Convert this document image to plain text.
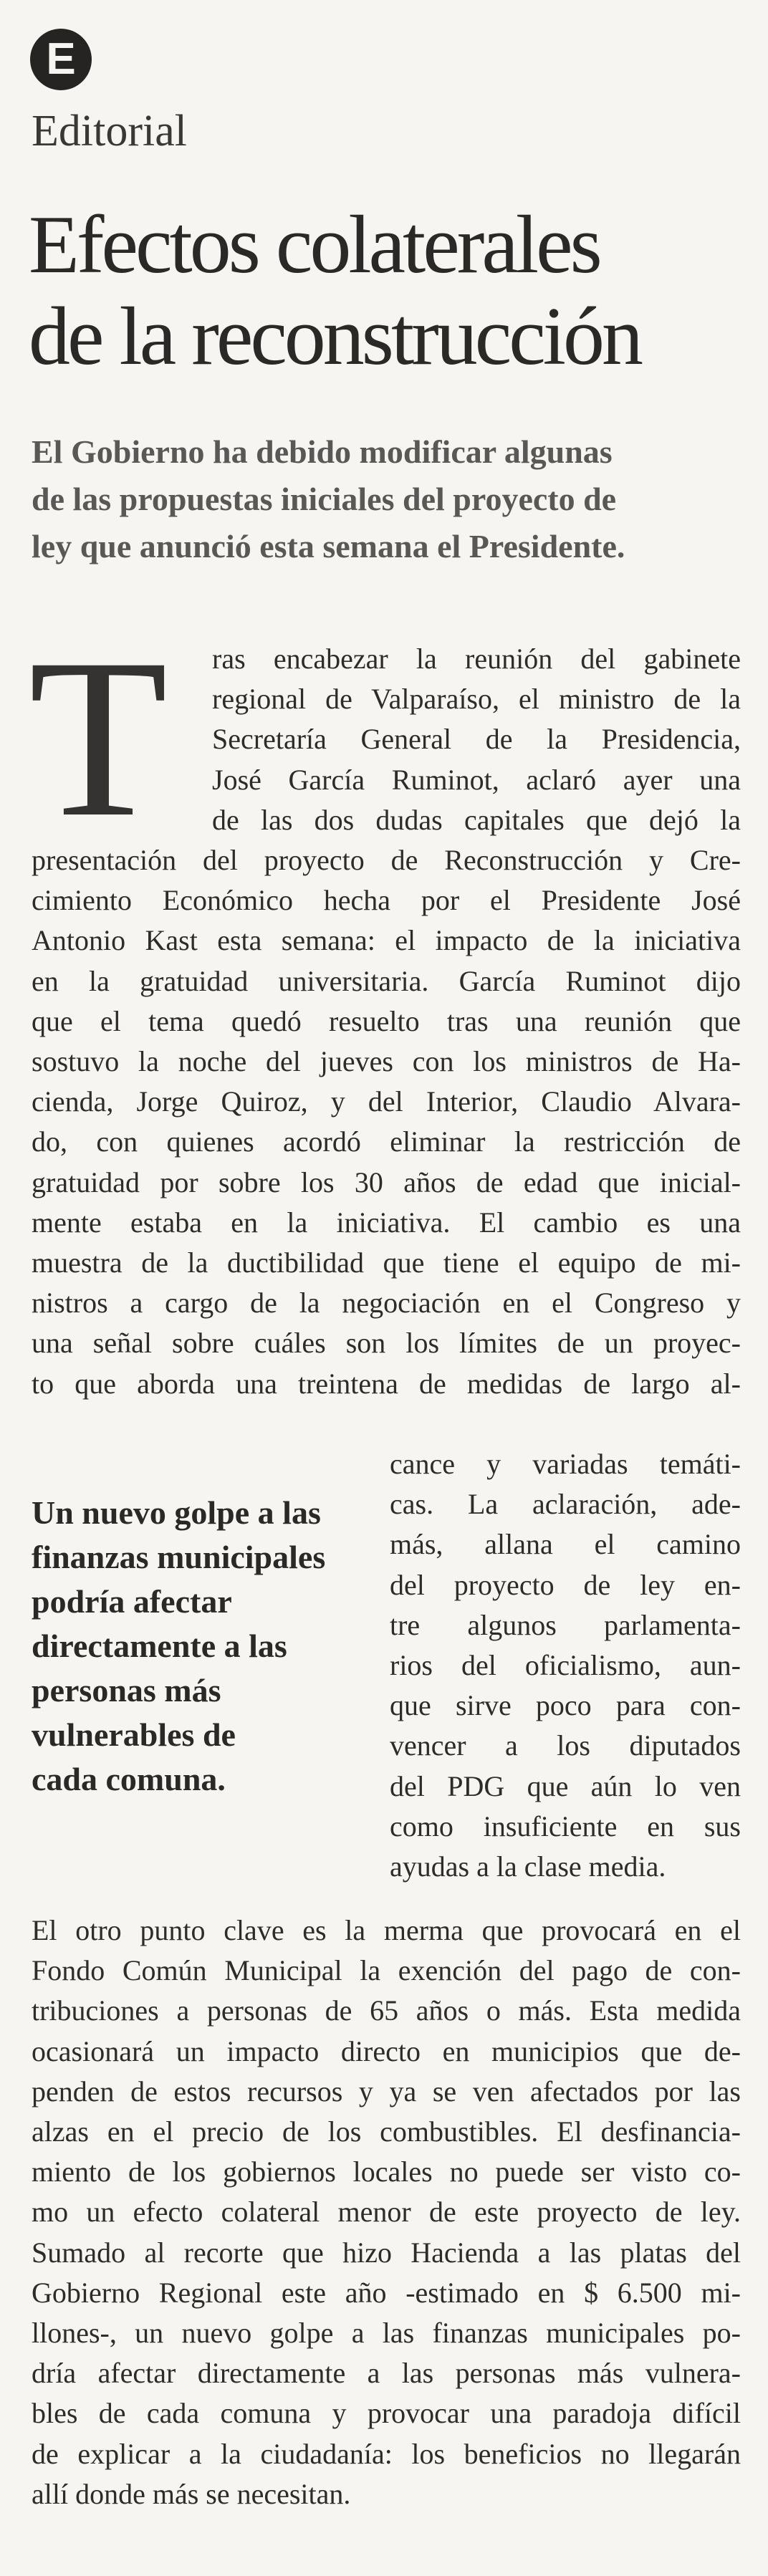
E
Editorial
Efectos colaterales
de la reconstrucción
El Gobierno ha debido modificar algunas
de las propuestas iniciales del proyecto de
ley que anunció esta semana el Presidente.
T ras encabezar la reunión del gabinete
regional de Valparaíso, el ministro de la
Secretaría General de la Presidencia,
José García Ruminot, aclaró ayer una
de las dos dudas capitales que dejó la
presentación del proyecto de Reconstrucción y Cre-
cimiento Económico hecha por el Presidente José
Antonio Kast esta semana: el impacto de la iniciativa
en la gratuidad universitaria. García Ruminot dijo
que el tema quedó resuelto tras una reunión que
sostuvo la noche del jueves con los ministros de Ha-
cienda, Jorge Quiroz, y del Interior, Claudio Alvara-
do, con quienes acordó eliminar la restricción de
gratuidad por sobre los 30 años de edad que inicial-
mente estaba en la iniciativa. El cambio es una
muestra de la ductibilidad que tiene el equipo de mi-
nistros a cargo de la negociación en el Congreso y
una señal sobre cuáles son los límites de un proyec-
to que aborda una treintena de medidas de largo al-
cance y variadas temáti-
cas. La aclaración, ade-
más, allana el camino
del proyecto de ley en-
tre algunos parlamenta-
rios del oficialismo, aun-
que sirve poco para con-
vencer a los diputados
del PDG que aún lo ven
como insuficiente en sus
ayudas a la clase media.
Un nuevo golpe a las
finanzas municipales
podría afectar
directamente a las
personas más
vulnerables de
cada comuna.
El otro punto clave es la merma que provocará en el
Fondo Común Municipal la exención del pago de con-
tribuciones a personas de 65 años o más. Esta medida
ocasionará un impacto directo en municipios que de-
penden de estos recursos y ya se ven afectados por las
alzas en el precio de los combustibles. El desfinancia-
miento de los gobiernos locales no puede ser visto co-
mo un efecto colateral menor de este proyecto de ley.
Sumado al recorte que hizo Hacienda a las platas del
Gobierno Regional este año -estimado en $ 6.500 mi-
llones-, un nuevo golpe a las finanzas municipales po-
dría afectar directamente a las personas más vulnera-
bles de cada comuna y provocar una paradoja difícil
de explicar a la ciudadanía: los beneficios no llegarán
allí donde más se necesitan.
